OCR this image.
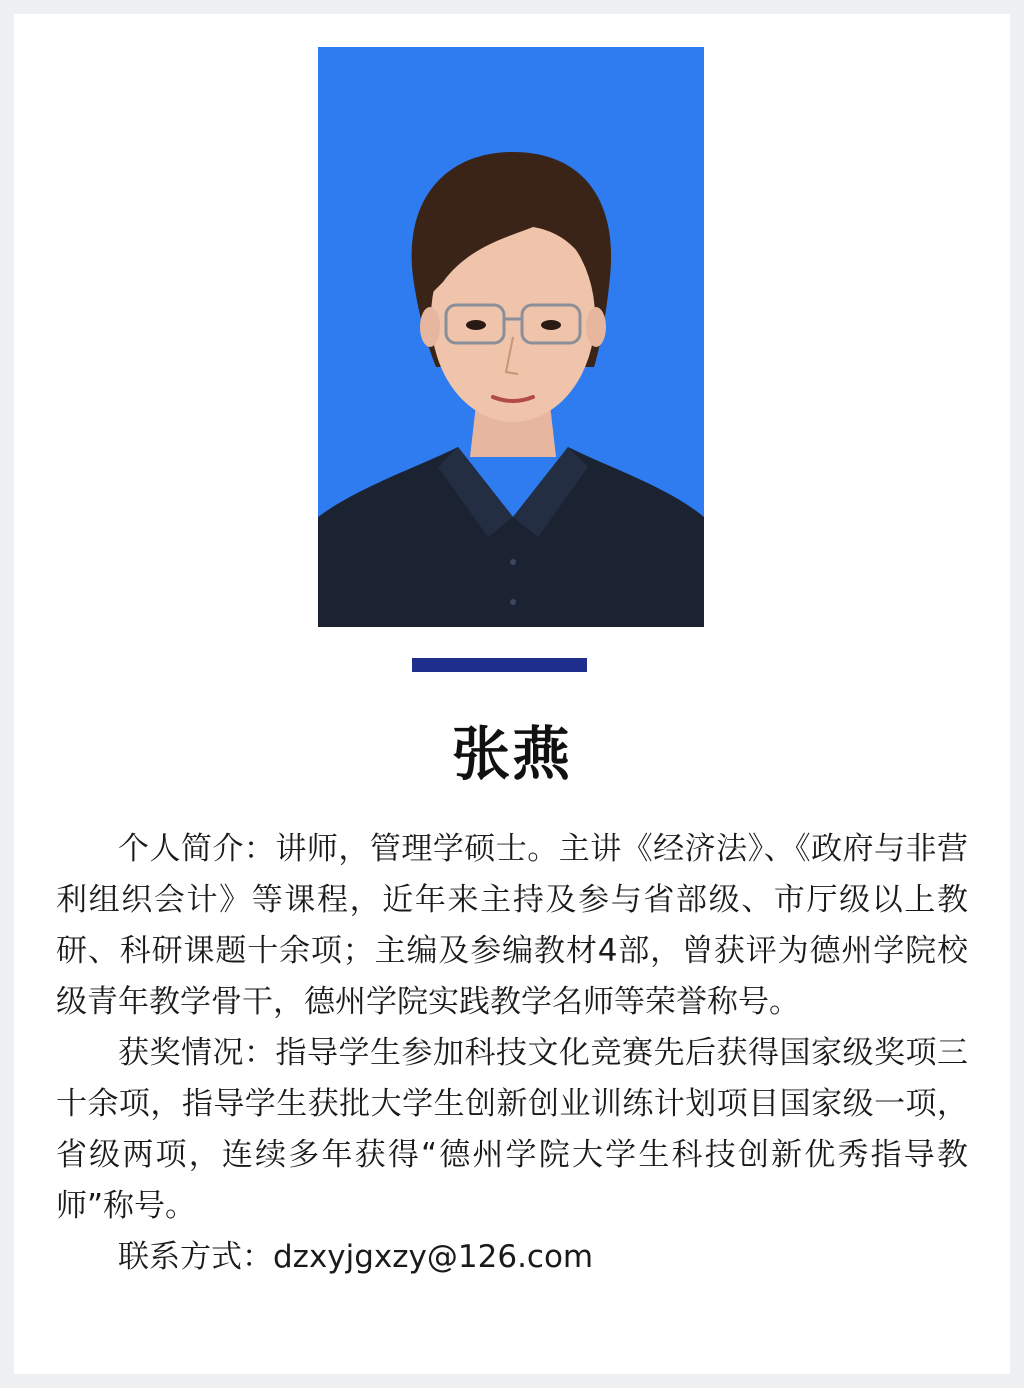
张燕

个人简介：讲师，管理学硕士。主讲《经济法》、《政府与非营利组织会计》等课程，近年来主持及参与省部级、市厅级以上教研、科研课题十余项；主编及参编教材4部，曾获评为德州学院校级青年教学骨干，德州学院实践教学名师等荣誉称号。

获奖情况：指导学生参加科技文化竞赛先后获得国家级奖项三十余项，指导学生获批大学生创新创业训练计划项目国家级一项，省级两项，连续多年获得“德州学院大学生科技创新优秀指导教师”称号。

联系方式：dzxyjgxzy@126.com
